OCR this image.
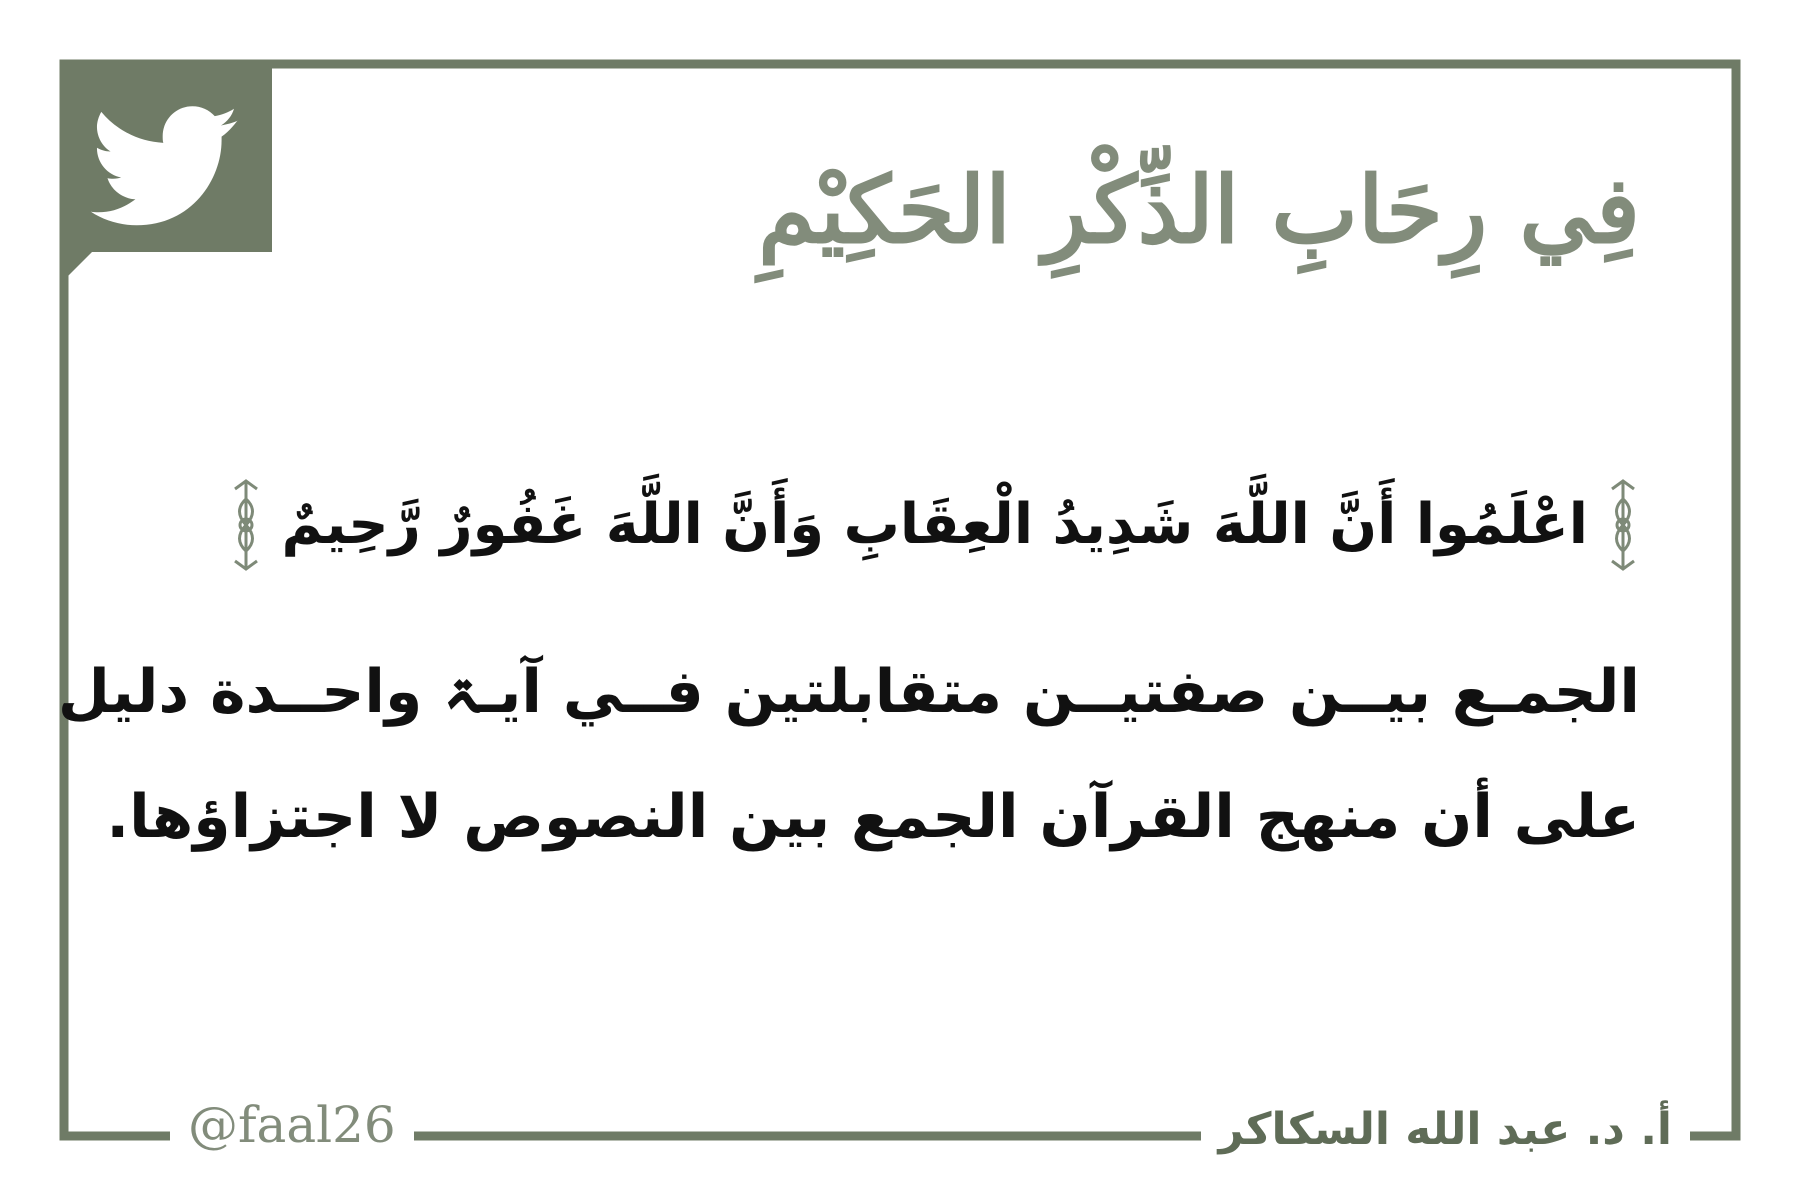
فِي رِحَابِ الذِّكْرِ الحَكِيْمِ
اعْلَمُوا أَنَّ اللَّهَ شَدِيدُ الْعِقَابِ وَأَنَّ اللَّهَ غَفُورٌ رَّحِيمٌ
الجمـع بيــن صفتيــن متقابلتين فــي آيـۃ واحــدة دليل
على أن منهج القرآن الجمع بين النصوص لا اجتزاؤها.
@faal26	أ. د. عبد الله السكاكر
